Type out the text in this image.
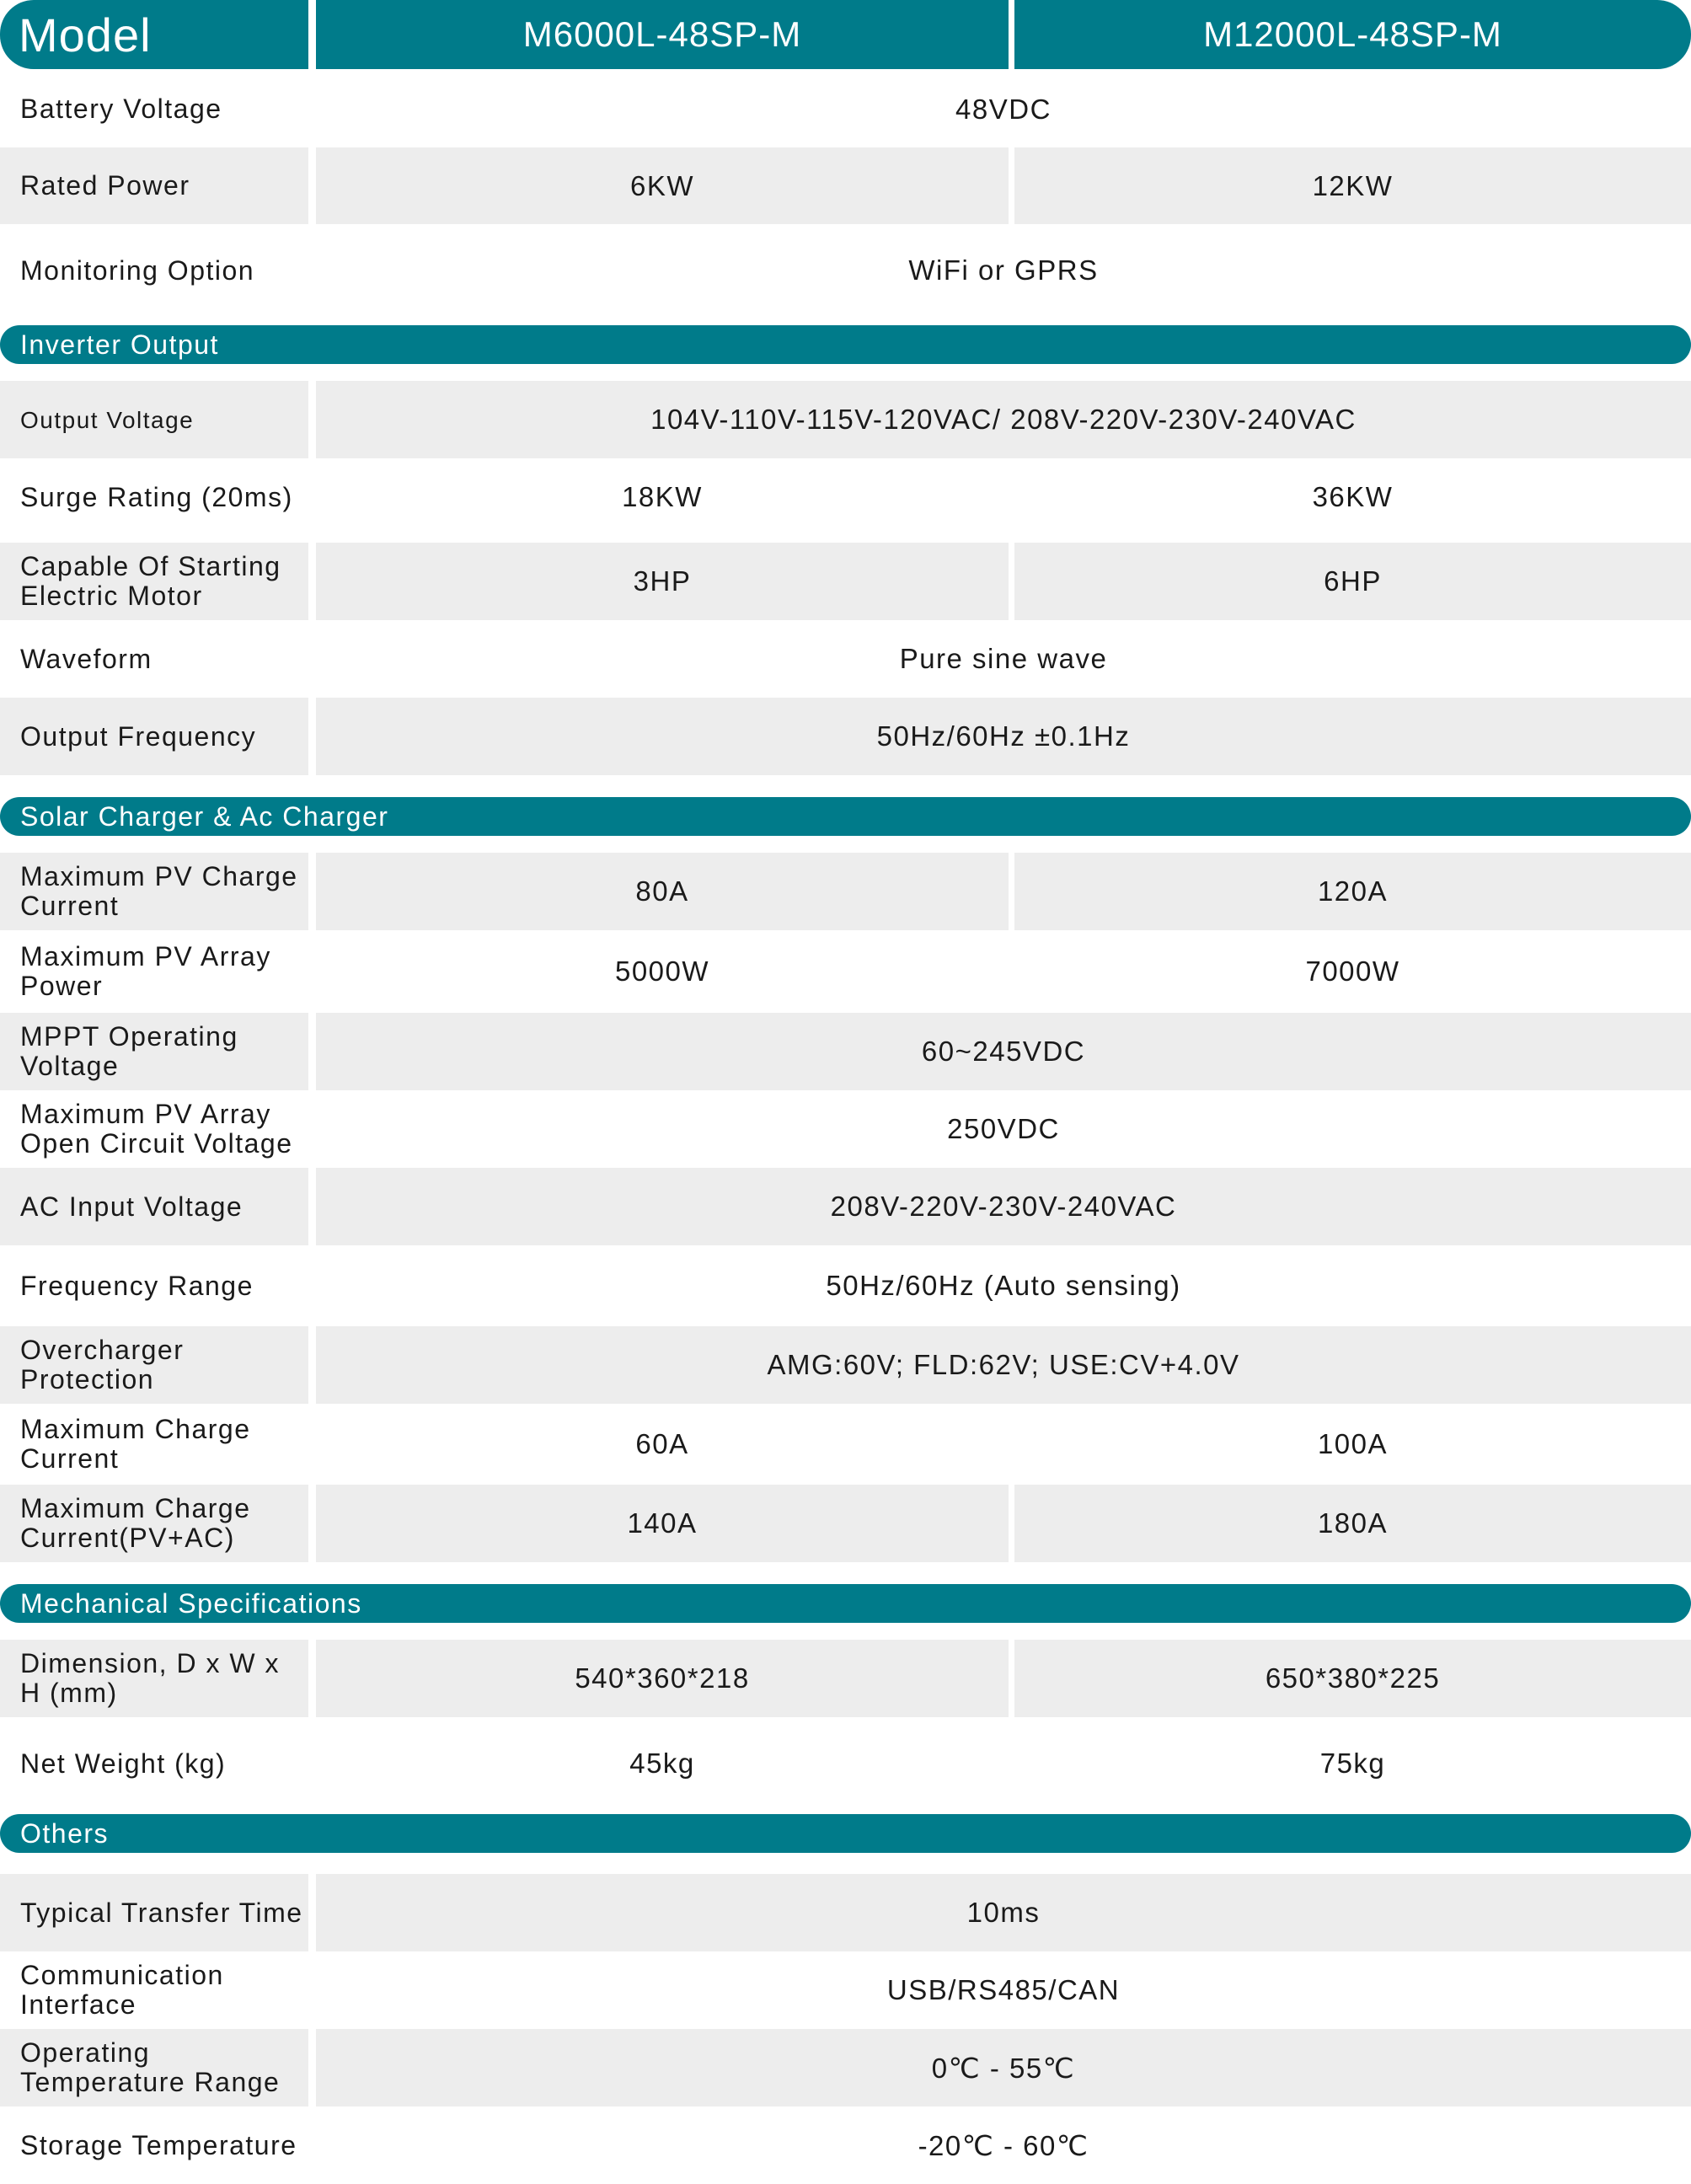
Model	M6000L-48SP-M	M12000L-48SP-M
Battery Voltage	48VDC
Rated Power	6KW	12KW
Monitoring Option	WiFi or GPRS
Inverter Output
Output Voltage	104V-110V-115V-120VAC/ 208V-220V-230V-240VAC
Surge Rating (20ms)	18KW	36KW
Capable Of Starting Electric Motor	3HP	6HP
Waveform	Pure sine wave
Output Frequency	50Hz/60Hz ±0.1Hz
Solar Charger & Ac Charger
Maximum PV Charge Current	80A	120A
Maximum PV Array Power	5000W	7000W
MPPT Operating Voltage	60~245VDC
Maximum PV Array Open Circuit Voltage	250VDC
AC Input Voltage	208V-220V-230V-240VAC
Frequency Range	50Hz/60Hz (Auto sensing)
Overcharger Protection	AMG:60V; FLD:62V; USE:CV+4.0V
Maximum Charge Current	60A	100A
Maximum Charge Current(PV+AC)	140A	180A
Mechanical Specifications
Dimension, D x W x H (mm)	540*360*218	650*380*225
Net Weight (kg)	45kg	75kg
Others
Typical Transfer Time	10ms
Communication Interface	USB/RS485/CAN
Operating Temperature Range	0℃ - 55℃
Storage Temperature	-20℃ - 60℃
